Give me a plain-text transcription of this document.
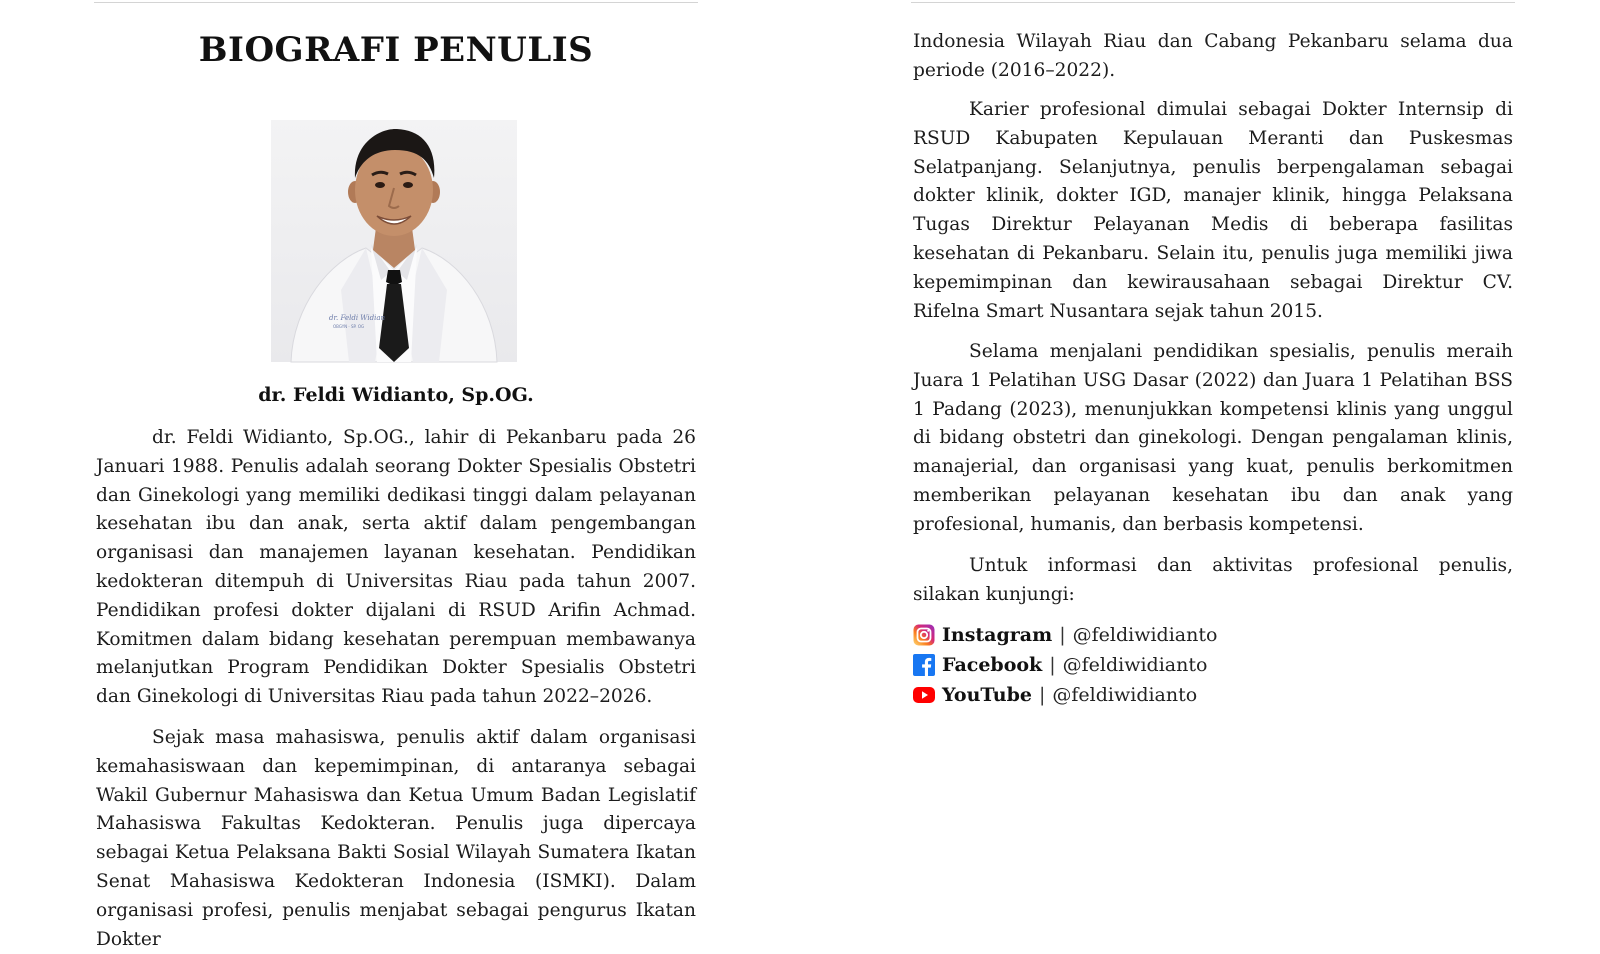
BIOGRAFI PENULIS
dr. Feldi Widian
OBGYN · SP. OG
dr. Feldi Widianto, Sp.OG.

dr. Feldi Widianto, Sp.OG., lahir di Pekanbaru pada 26 Januari 1988. Penulis adalah seorang Dokter Spesialis Obstetri dan Ginekologi yang memiliki dedikasi tinggi dalam pelayanan kesehatan ibu dan anak, serta aktif dalam pengembangan organisasi dan manajemen layanan kesehatan. Pendidikan kedokteran ditempuh di Universitas Riau pada tahun 2007. Pendidikan profesi dokter dijalani di RSUD Arifin Achmad. Komitmen dalam bidang kesehatan perempuan membawanya melanjutkan Program Pendidikan Dokter Spesialis Obstetri dan Ginekologi di Universitas Riau pada tahun 2022–2026.

Sejak masa mahasiswa, penulis aktif dalam organisasi kemahasiswaan dan kepemimpinan, di antaranya sebagai Wakil Gubernur Mahasiswa dan Ketua Umum Badan Legislatif Mahasiswa Fakultas Kedokteran. Penulis juga dipercaya sebagai Ketua Pelaksana Bakti Sosial Wilayah Sumatera Ikatan Senat Mahasiswa Kedokteran Indonesia (ISMKI). Dalam organisasi profesi, penulis menjabat sebagai pengurus Ikatan Dokter

Indonesia Wilayah Riau dan Cabang Pekanbaru selama dua periode (2016–2022).

Karier profesional dimulai sebagai Dokter Internsip di RSUD Kabupaten Kepulauan Meranti dan Puskesmas Selatpanjang. Selanjutnya, penulis berpengalaman sebagai dokter klinik, dokter IGD, manajer klinik, hingga Pelaksana Tugas Direktur Pelayanan Medis di beberapa fasilitas kesehatan di Pekanbaru. Selain itu, penulis juga memiliki jiwa kepemimpinan dan kewirausahaan sebagai Direktur CV. Rifelna Smart Nusantara sejak tahun 2015.

Selama menjalani pendidikan spesialis, penulis meraih Juara 1 Pelatihan USG Dasar (2022) dan Juara 1 Pelatihan BSS 1 Padang (2023), menunjukkan kompetensi klinis yang unggul di bidang obstetri dan ginekologi. Dengan pengalaman klinis, manajerial, dan organisasi yang kuat, penulis berkomitmen memberikan pelayanan kesehatan ibu dan anak yang profesional, humanis, dan berbasis kompetensi.

Untuk informasi dan aktivitas profesional penulis, silakan kunjungi:

Instagram | @feldiwidianto
Facebook | @feldiwidianto
YouTube | @feldiwidianto
